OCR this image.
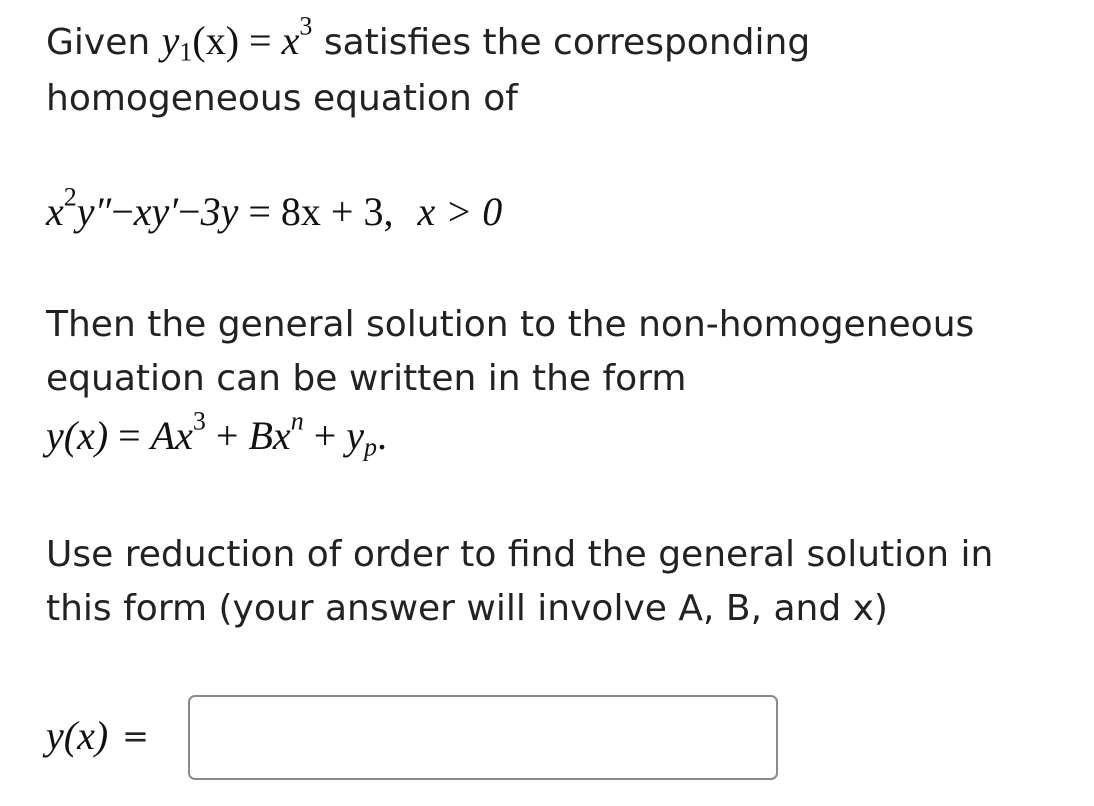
Given $y_1(x) = x^3$ satisfies the corresponding
homogeneous equation of
$x^2y''-xy'-3y = 8x + 3$, x > 0
Then the general solution to the non-homogeneous
equation can be written in the form
$y(x) = Ax^3 + Bx^n + y_p$.
Use reduction of order to find the general solution in
this form (your answer will involve A, B, and x)
y(x) =
